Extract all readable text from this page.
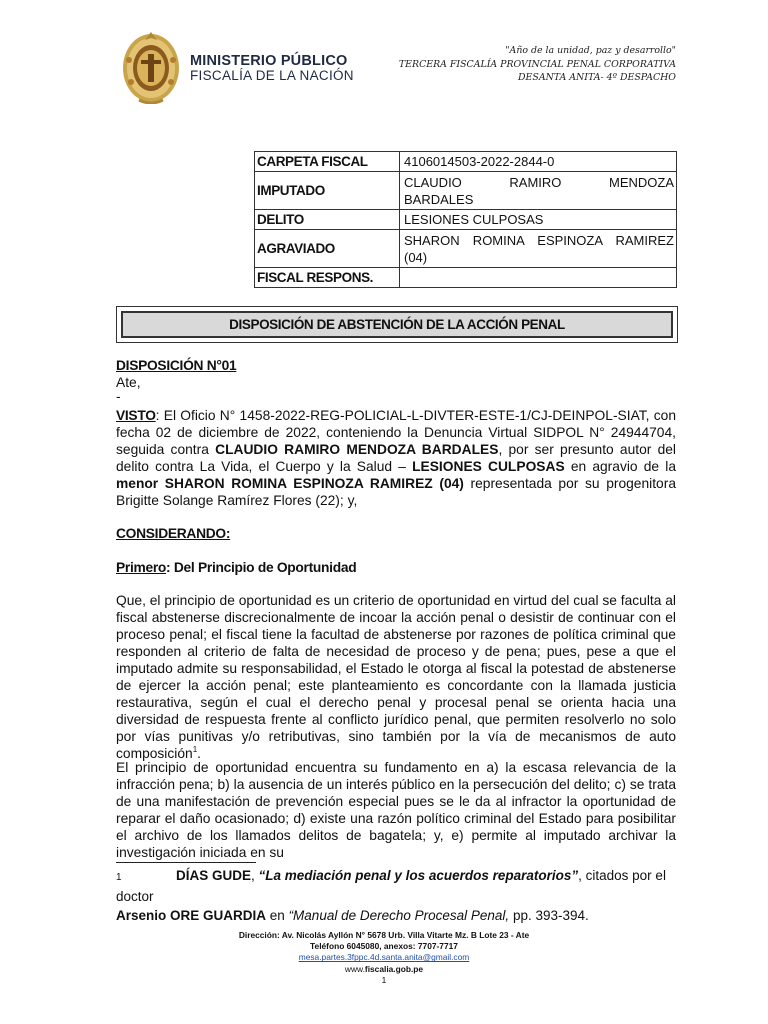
MINISTERIO PÚBLICO
FISCALÍA DE LA NACIÓN
"Año de la unidad, paz y desarrollo"
TERCERA FISCALÍA PROVINCIAL PENAL CORPORATIVA
DESANTA ANITA- 4º DESPACHO
CARPETA FISCAL	4106014503-2022-2844-0
IMPUTADO	CLAUDIO RAMIRO MENDOZA
BARDALES

DELITO	LESIONES CULPOSAS
AGRAVIADO	SHARON ROMINA ESPINOZA RAMIREZ
(04)

FISCAL RESPONS.	
DISPOSICIÓN DE ABSTENCIÓN DE LA ACCIÓN PENAL
DISPOSICIÓN N°01
Ate,
-
VISTO: El Oficio N° 1458-2022-REG-POLICIAL-L-DIVTER-ESTE-1/CJ-DEINPOL-SIAT, con fecha 02 de diciembre de 2022, conteniendo la Denuncia Virtual SIDPOL N° 24944704, seguida contra CLAUDIO RAMIRO MENDOZA BARDALES, por ser presunto autor del delito contra La Vida, el Cuerpo y la Salud – LESIONES CULPOSAS en agravio de la menor SHARON ROMINA ESPINOZA RAMIREZ (04) representada por su progenitora Brigitte Solange Ramírez Flores (22); y,
CONSIDERANDO:
Primero: Del Principio de Oportunidad
Que, el principio de oportunidad es un criterio de oportunidad en virtud del cual se faculta al fiscal abstenerse discrecionalmente de incoar la acción penal o desistir de continuar con el proceso penal; el fiscal tiene la facultad de abstenerse por razones de política criminal que responden al criterio de falta de necesidad de proceso y de pena; pues, pese a que el imputado admite su responsabilidad, el Estado le otorga al fiscal la potestad de abstenerse de ejercer la acción penal; este planteamiento es concordante con la llamada justicia restaurativa, según el cual el derecho penal y procesal penal se orienta hacia una diversidad de respuesta frente al conflicto jurídico penal, que permiten resolverlo no solo por vías punitivas y/o retributivas, sino también por la vía de mecanismos de auto composición$^1$.
El principio de oportunidad encuentra su fundamento en a) la escasa relevancia de la infracción pena; b) la ausencia de un interés público en la persecución del delito; c) se trata de una manifestación de prevención especial pues se le da al infractor la oportunidad de reparar el daño ocasionado; d) existe una razón político criminal del Estado para posibilitar el archivo de los llamados delitos de bagatela; y, e) permite al imputado archivar la investigación iniciada en su
1	DÍAS GUDE, “La mediación penal y los acuerdos reparatorios”, citados por el doctor
Arsenio ORE GUARDIA en “Manual de Derecho Procesal Penal, pp. 393-394.
Dirección: Av. Nicolás Ayllón N° 5678 Urb. Villa Vitarte Mz. B Lote 23 - Ate
Teléfono 6045080, anexos: 7707-7717
mesa.partes.3fppc.4d.santa.anita@gmail.com
www.fiscalia.gob.pe
1
